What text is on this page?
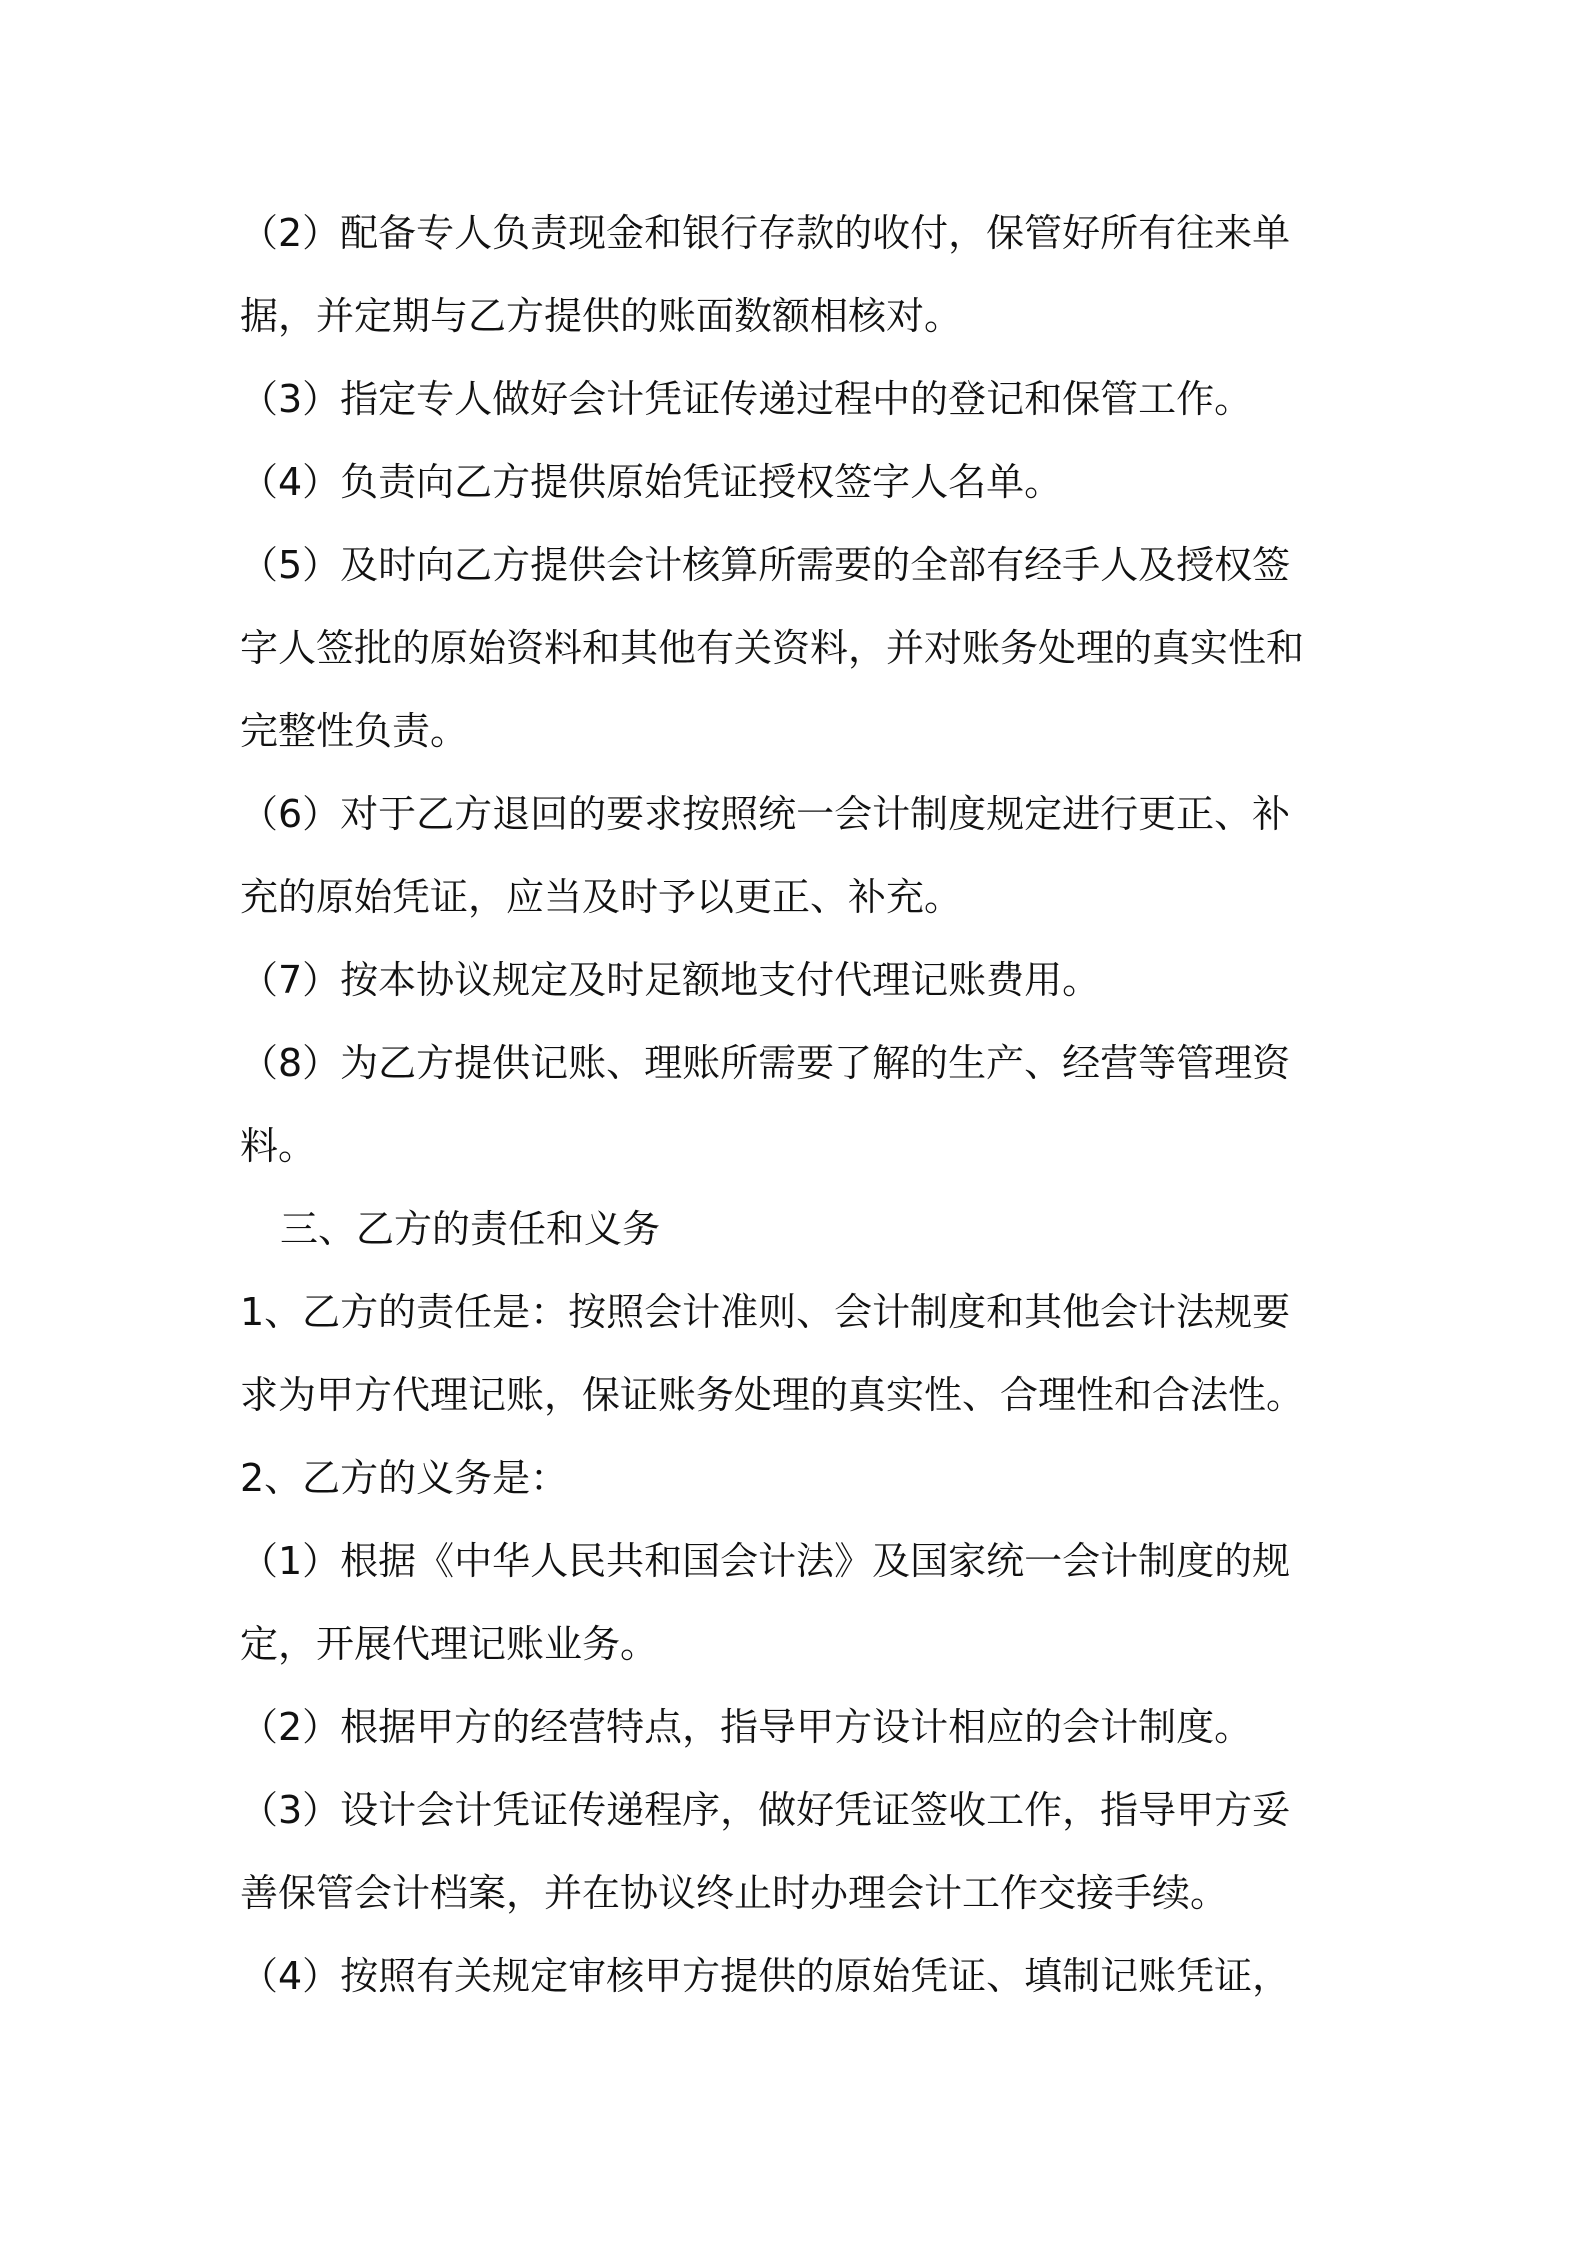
（2）配备专人负责现金和银行存款的收付，保管好所有往来单
据，并定期与乙方提供的账面数额相核对。
（3）指定专人做好会计凭证传递过程中的登记和保管工作。
（4）负责向乙方提供原始凭证授权签字人名单。
（5）及时向乙方提供会计核算所需要的全部有经手人及授权签
字人签批的原始资料和其他有关资料，并对账务处理的真实性和
完整性负责。
（6）对于乙方退回的要求按照统一会计制度规定进行更正、补
充的原始凭证，应当及时予以更正、补充。
（7）按本协议规定及时足额地支付代理记账费用。
（8）为乙方提供记账、理账所需要了解的生产、经营等管理资
料。
三、乙方的责任和义务
1、乙方的责任是：按照会计准则、会计制度和其他会计法规要
求为甲方代理记账，保证账务处理的真实性、合理性和合法性。
2、乙方的义务是：
（1）根据《中华人民共和国会计法》及国家统一会计制度的规
定，开展代理记账业务。
（2）根据甲方的经营特点，指导甲方设计相应的会计制度。
（3）设计会计凭证传递程序，做好凭证签收工作，指导甲方妥
善保管会计档案，并在协议终止时办理会计工作交接手续。
（4）按照有关规定审核甲方提供的原始凭证、填制记账凭证，
